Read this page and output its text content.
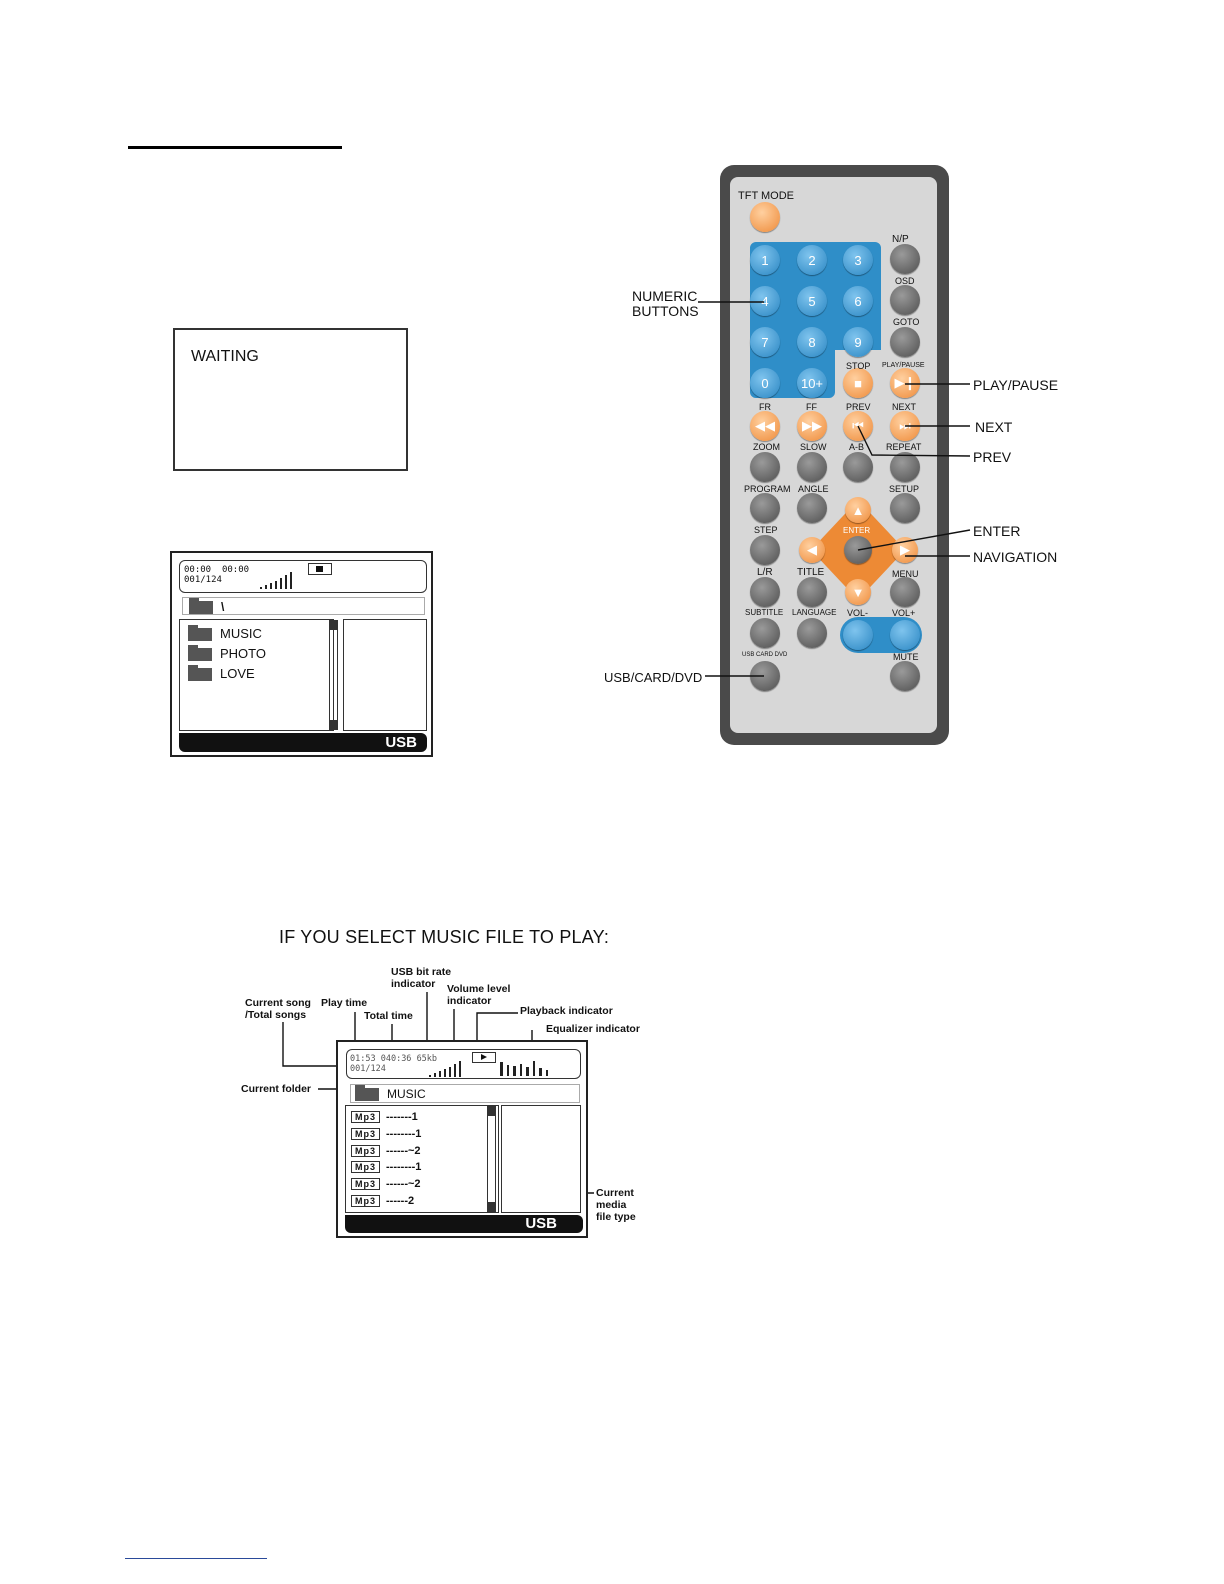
WAITING
00:00 00:00
001/124
\
MUSIC
PHOTO
LOVE
USB
1	2	3
4	5	6
7	8	9
0	10+	■	▶❙
◀◀	▶▶	⏮	⏭
▲
◀	▶
▼
TFT MODE
N/P
OSD
GOTO
STOP PLAY/PAUSE
FR	FF	PREV NEXT
ZOOM SLOW A-B REPEAT
PROGRAM ANGLE	SETUP
STEP	ENTER
L/R TITLE	MENU
SUBTITLE LANGUAGE VOL-	VOL+
USB CARD DVD	MUTE
NUMERIC
BUTTONS
PLAY/PAUSE
NEXT
PREV
ENTER
NAVIGATION
USB/CARD/DVD
IF YOU SELECT MUSIC FILE TO PLAY:
Current song
/Total songs
Play time
Total time
USB bit rate
indicator	Volume level
indicator
Playback indicator
Equalizer indicator
Current folder
Current
media
file type
01:53 040:36 65kb
001/124
MUSIC
Mp3 -------1
Mp3 --------1
Mp3 ------~2
Mp3 --------1
Mp3 ------~2
Mp3 ------2
USB
